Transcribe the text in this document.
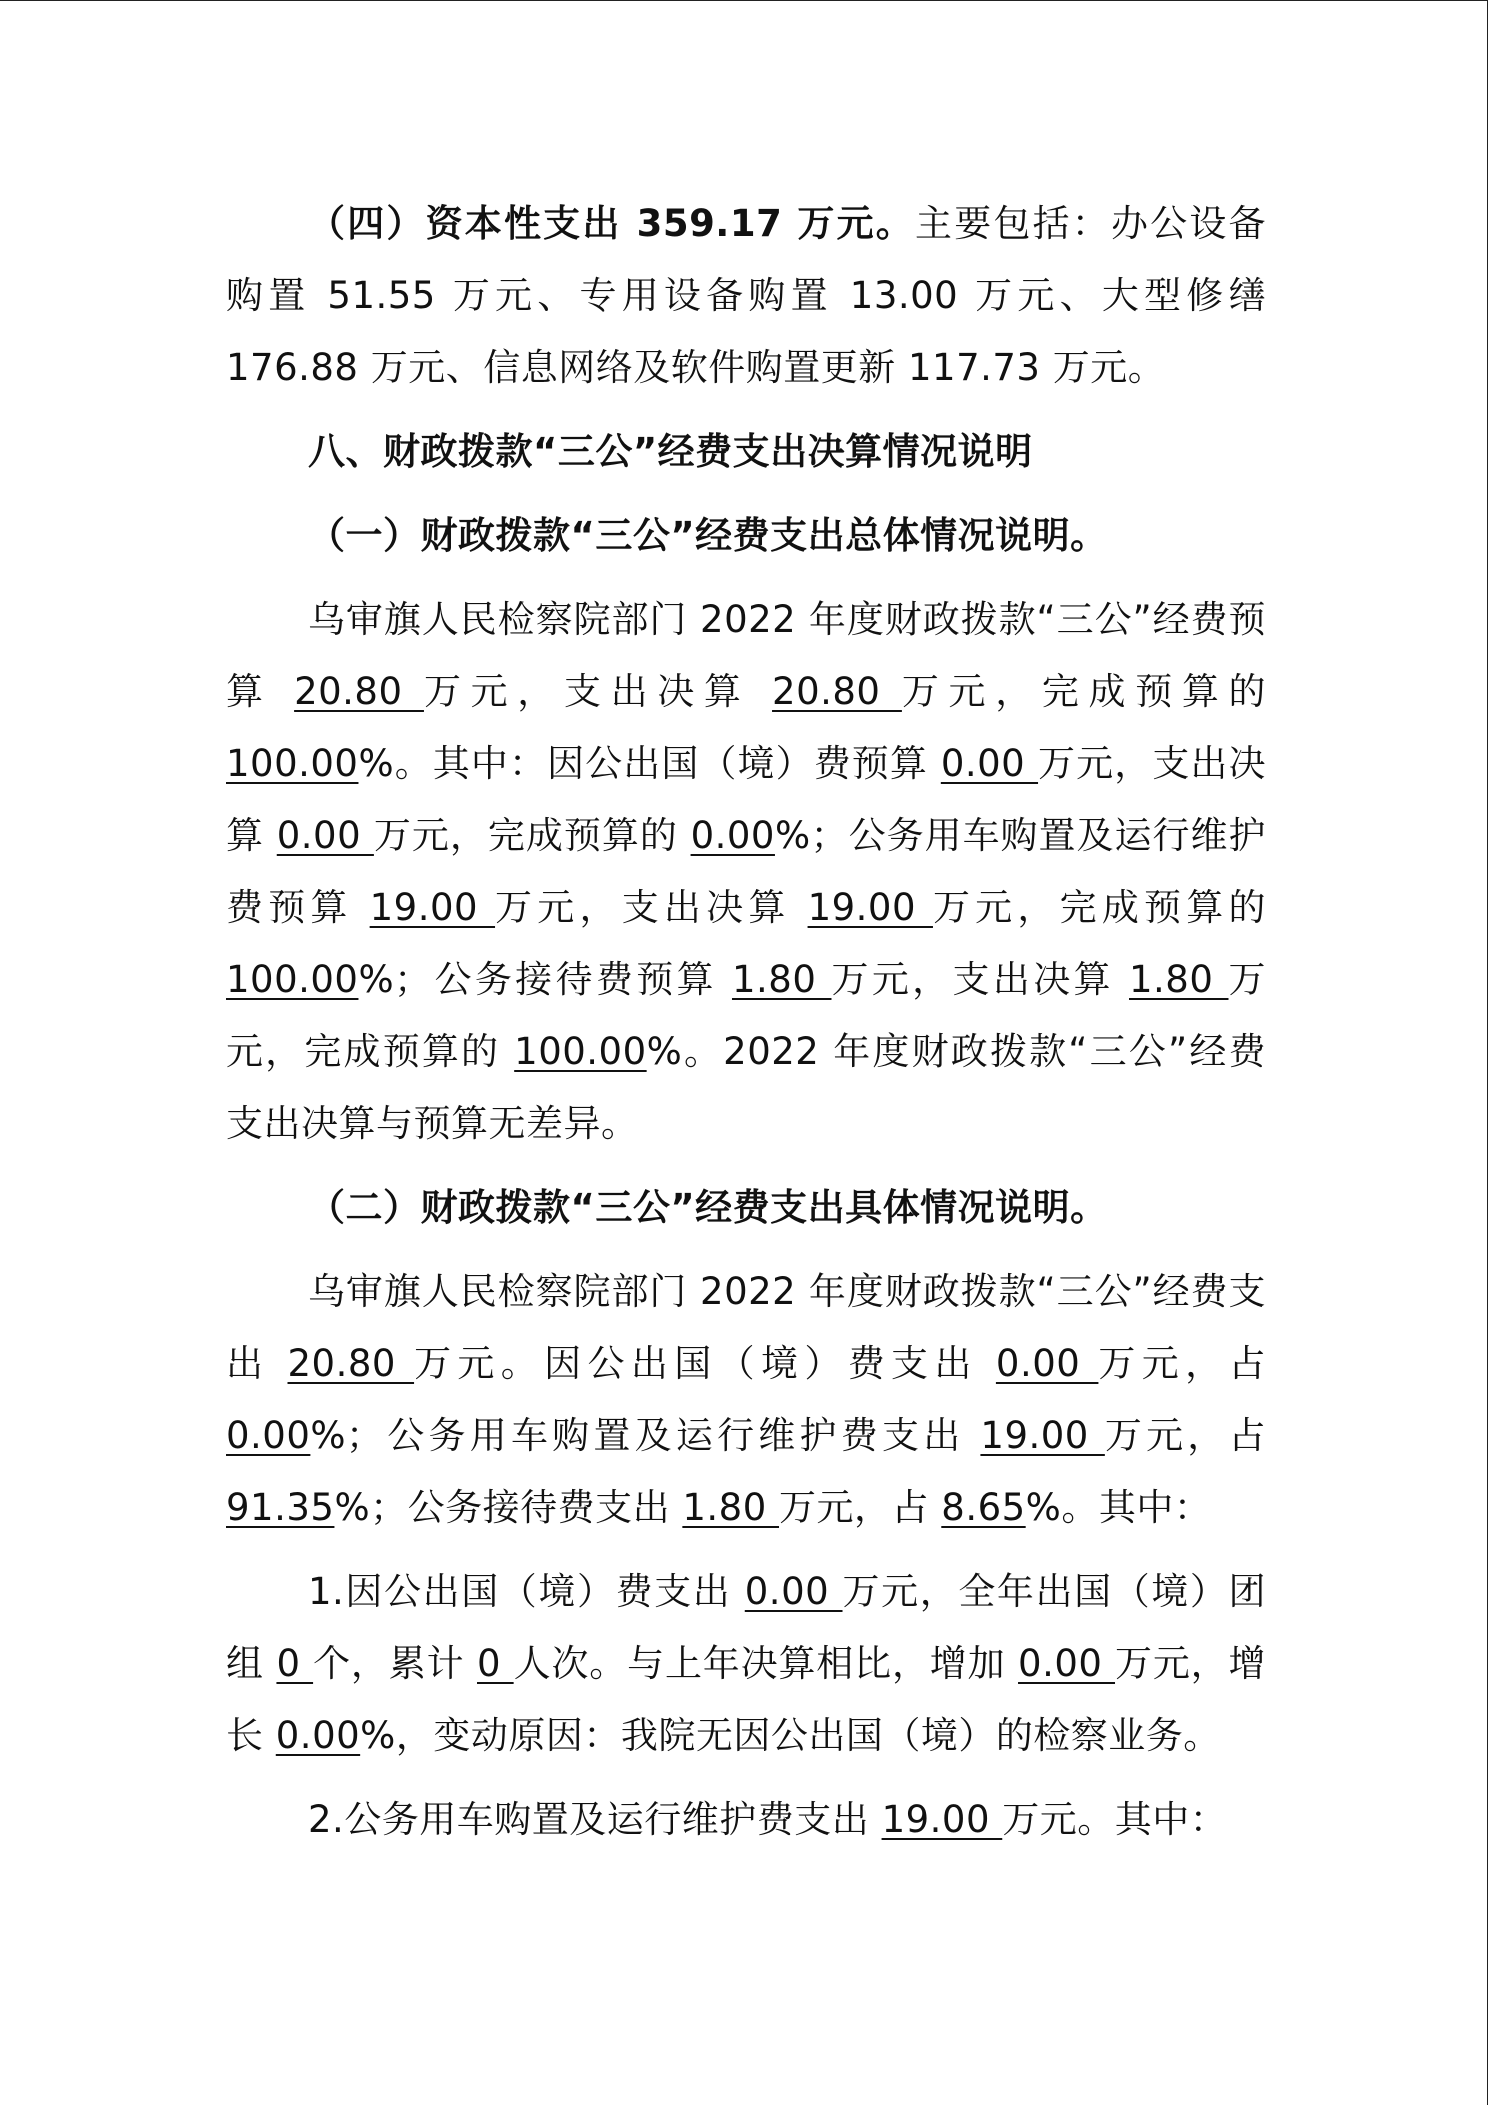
（四）资本性支出 359.17 万元。主要包括：办公设备购置 51.55 万元、专用设备购置 13.00 万元、大型修缮 176.88 万元、信息网络及软件购置更新 117.73 万元。

八、财政拨款“三公”经费支出决算情况说明

（一）财政拨款“三公”经费支出总体情况说明。

乌审旗人民检察院部门 2022 年度财政拨款“三公”经费预算 20.80 万元，支出决算 20.80 万元，完成预算的 100.00%。其中：因公出国（境）费预算 0.00 万元，支出决算 0.00 万元，完成预算的 0.00%；公务用车购置及运行维护费预算 19.00 万元，支出决算 19.00 万元，完成预算的 100.00%；公务接待费预算 1.80 万元，支出决算 1.80 万元，完成预算的 100.00%。2022 年度财政拨款“三公”经费支出决算与预算无差异。

（二）财政拨款“三公”经费支出具体情况说明。

乌审旗人民检察院部门 2022 年度财政拨款“三公”经费支出 20.80 万元。因公出国（境）费支出 0.00 万元，占 0.00%；公务用车购置及运行维护费支出 19.00 万元，占 91.35%；公务接待费支出 1.80 万元，占 8.65%。其中：

1.因公出国（境）费支出 0.00 万元，全年出国（境）团组 0 个，累计 0 人次。与上年决算相比，增加 0.00 万元，增长 0.00%，变动原因：我院无因公出国（境）的检察业务。

2.公务用车购置及运行维护费支出 19.00 万元。其中：
